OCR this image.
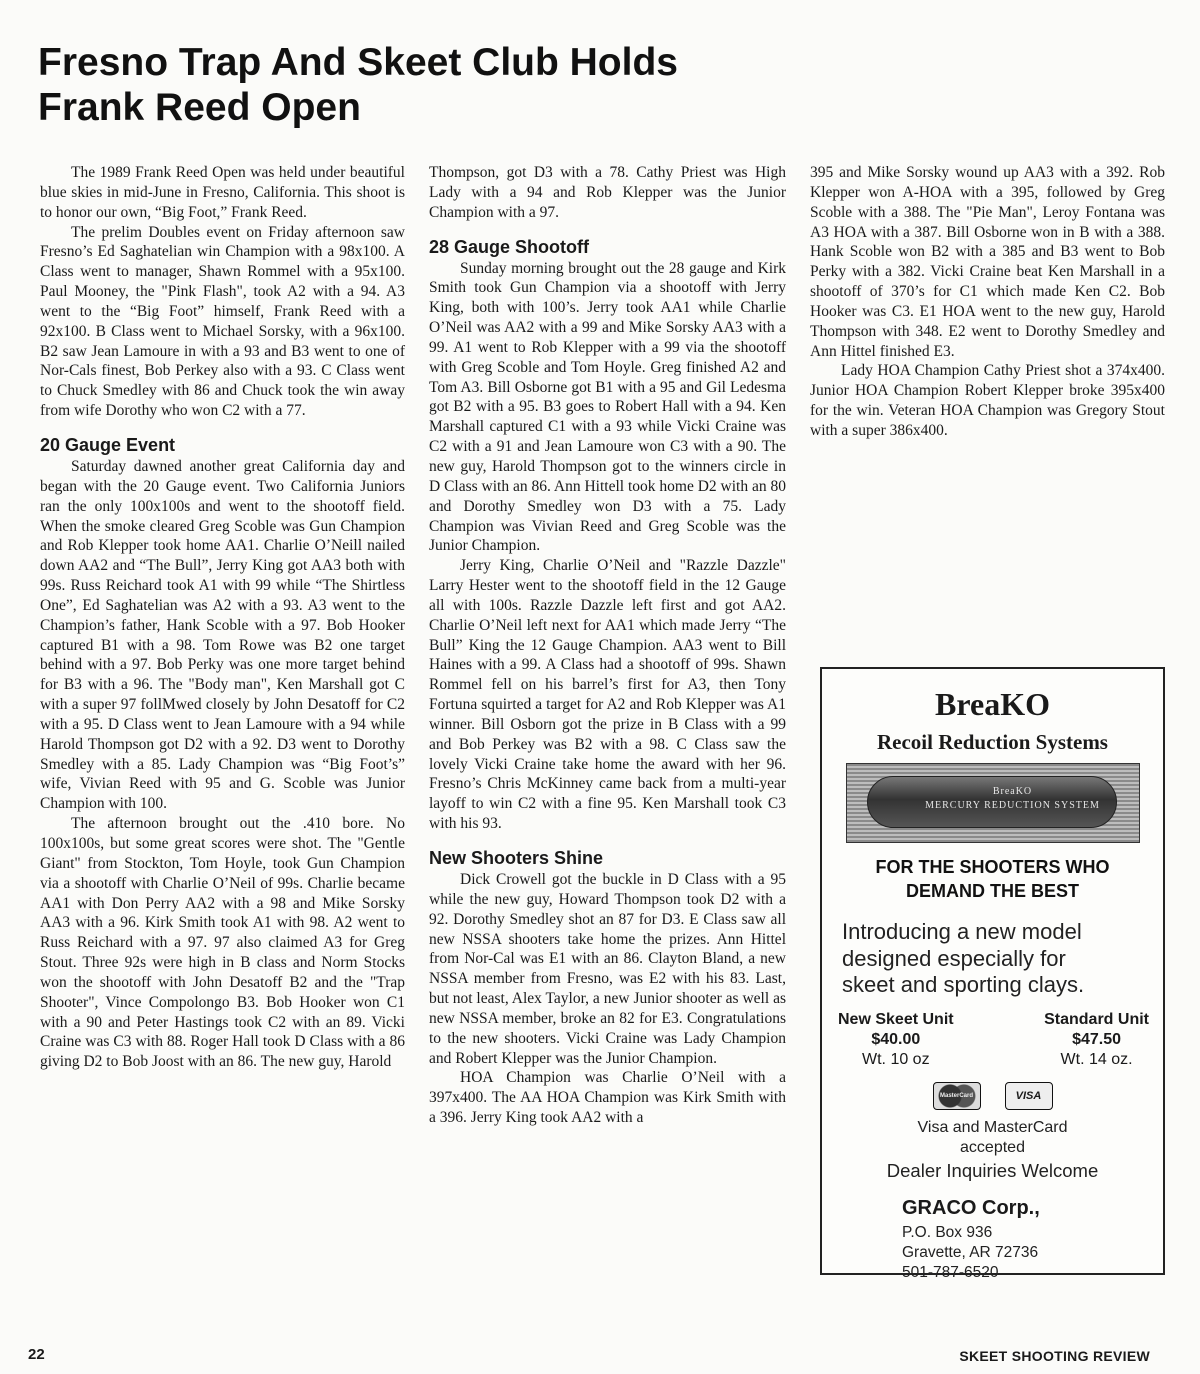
Fresno Trap And Skeet Club Holds
Frank Reed Open

The 1989 Frank Reed Open was held under beautiful blue skies in mid-June in Fresno, California. This shoot is to honor our own, “Big Foot,” Frank Reed.

The prelim Doubles event on Friday afternoon saw Fresno’s Ed Saghatelian win Champion with a 98x100. A Class went to manager, Shawn Rommel with a 95x100. Paul Mooney, the "Pink Flash", took A2 with a 94. A3 went to the “Big Foot” himself, Frank Reed with a 92x100. B Class went to Michael Sorsky, with a 96x100. B2 saw Jean Lamoure in with a 93 and B3 went to one of Nor-Cals finest, Bob Perkey also with a 93. C Class went to Chuck Smedley with 86 and Chuck took the win away from wife Dorothy who won C2 with a 77.

20 Gauge Event

Saturday dawned another great California day and began with the 20 Gauge event. Two California Juniors ran the only 100x100s and went to the shootoff field. When the smoke cleared Greg Scoble was Gun Champion and Rob Klepper took home AA1. Charlie O’Neill nailed down AA2 and “The Bull”, Jerry King got AA3 both with 99s. Russ Reichard took A1 with 99 while “The Shirtless One”, Ed Saghatelian was A2 with a 93. A3 went to the Champion’s father, Hank Scoble with a 97. Bob Hooker captured B1 with a 98. Tom Rowe was B2 one target behind with a 97. Bob Perky was one more target behind for B3 with a 96. The "Body man", Ken Marshall got C with a super 97 follMwed closely by John Desatoff for C2 with a 95. D Class went to Jean Lamoure with a 94 while Harold Thompson got D2 with a 92. D3 went to Dorothy Smedley with a 85. Lady Champion was “Big Foot’s” wife, Vivian Reed with 95 and G. Scoble was Junior Champion with 100.

The afternoon brought out the .410 bore. No 100x100s, but some great scores were shot. The "Gentle Giant" from Stockton, Tom Hoyle, took Gun Champion via a shootoff with Charlie O’Neil of 99s. Charlie became AA1 with Don Perry AA2 with a 98 and Mike Sorsky AA3 with a 96. Kirk Smith took A1 with 98. A2 went to Russ Reichard with a 97. 97 also claimed A3 for Greg Stout. Three 92s were high in B class and Norm Stocks won the shootoff with John Desatoff B2 and the "Trap Shooter", Vince Compolongo B3. Bob Hooker won C1 with a 90 and Peter Hastings took C2 with an 89. Vicki Craine was C3 with 88. Roger Hall took D Class with a 86 giving D2 to Bob Joost with an 86. The new guy, Harold

Thompson, got D3 with a 78. Cathy Priest was High Lady with a 94 and Rob Klepper was the Junior Champion with a 97.

28 Gauge Shootoff

Sunday morning brought out the 28 gauge and Kirk Smith took Gun Champion via a shootoff with Jerry King, both with 100’s. Jerry took AA1 while Charlie O’Neil was AA2 with a 99 and Mike Sorsky AA3 with a 99. A1 went to Rob Klepper with a 99 via the shootoff with Greg Scoble and Tom Hoyle. Greg finished A2 and Tom A3. Bill Osborne got B1 with a 95 and Gil Ledesma got B2 with a 95. B3 goes to Robert Hall with a 94. Ken Marshall captured C1 with a 93 while Vicki Craine was C2 with a 91 and Jean Lamoure won C3 with a 90. The new guy, Harold Thompson got to the winners circle in D Class with an 86. Ann Hittell took home D2 with an 80 and Dorothy Smedley won D3 with a 75. Lady Champion was Vivian Reed and Greg Scoble was the Junior Champion.

Jerry King, Charlie O’Neil and "Razzle Dazzle" Larry Hester went to the shootoff field in the 12 Gauge all with 100s. Razzle Dazzle left first and got AA2. Charlie O’Neil left next for AA1 which made Jerry “The Bull” King the 12 Gauge Champion. AA3 went to Bill Haines with a 99. A Class had a shootoff of 99s. Shawn Rommel fell on his barrel’s first for A3, then Tony Fortuna squirted a target for A2 and Rob Klepper was A1 winner. Bill Osborn got the prize in B Class with a 99 and Bob Perkey was B2 with a 98. C Class saw the lovely Vicki Craine take home the award with her 96. Fresno’s Chris McKinney came back from a multi-year layoff to win C2 with a fine 95. Ken Marshall took C3 with his 93.

New Shooters Shine

Dick Crowell got the buckle in D Class with a 95 while the new guy, Howard Thompson took D2 with a 92. Dorothy Smedley shot an 87 for D3. E Class saw all new NSSA shooters take home the prizes. Ann Hittel from Nor-Cal was E1 with an 86. Clayton Bland, a new NSSA member from Fresno, was E2 with his 83. Last, but not least, Alex Taylor, a new Junior shooter as well as new NSSA member, broke an 82 for E3. Congratulations to the new shooters. Vicki Craine was Lady Champion and Robert Klepper was the Junior Champion.

HOA Champion was Charlie O’Neil with a 397x400. The AA HOA Champion was Kirk Smith with a 396. Jerry King took AA2 with a

395 and Mike Sorsky wound up AA3 with a 392. Rob Klepper won A-HOA with a 395, followed by Greg Scoble with a 388. The "Pie Man", Leroy Fontana was A3 HOA with a 387. Bill Osborne won in B with a 388. Hank Scoble won B2 with a 385 and B3 went to Bob Perky with a 382. Vicki Craine beat Ken Marshall in a shootoff of 370’s for C1 which made Ken C2. Bob Hooker was C3. E1 HOA went to the new guy, Harold Thompson with 348. E2 went to Dorothy Smedley and Ann Hittel finished E3.

Lady HOA Champion Cathy Priest shot a 374x400. Junior HOA Champion Robert Klepper broke 395x400 for the win. Veteran HOA Champion was Gregory Stout with a super 386x400.

BreaKO
Recoil Reduction Systems
BreaKO
MERCURY REDUCTION SYSTEM
FOR THE SHOOTERS WHO
DEMAND THE BEST
Introducing a new model
designed especially for
skeet and sporting clays.
New Skeet Unit
$40.00
Wt. 10 oz
Standard Unit
$47.50
Wt. 14 oz.
MasterCard	VISA
Visa and MasterCard
accepted
Dealer Inquiries Welcome
GRACO Corp.,
P.O. Box 936
Gravette, AR 72736
501-787-6520
22	SKEET SHOOTING REVIEW
